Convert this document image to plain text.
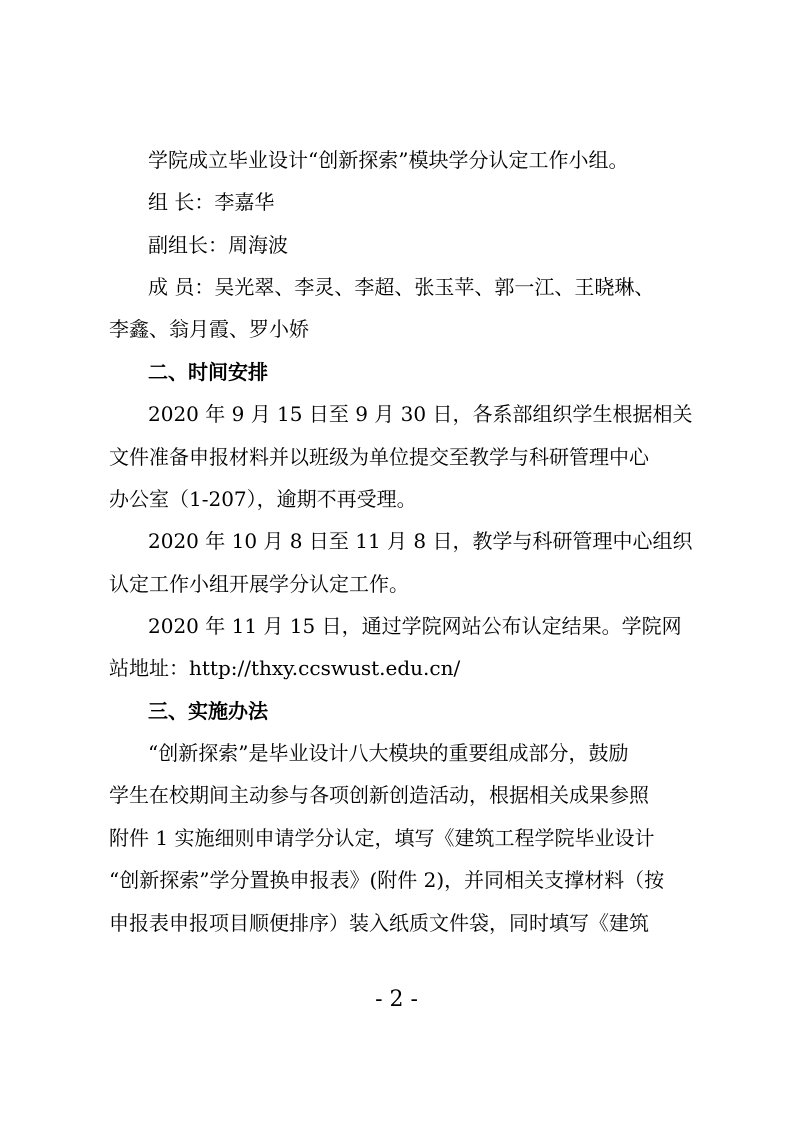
学院成立毕业设计“创新探索”模块学分认定工作小组。
组 长：李嘉华
副组长：周海波
成 员：吴光翠、李灵、李超、张玉苹、郭一江、王晓琳、
李鑫、翁月霞、罗小娇
二、时间安排
2020 年 9 月 15 日至 9 月 30 日，各系部组织学生根据相关
文件准备申报材料并以班级为单位提交至教学与科研管理中心
办公室（1-207），逾期不再受理。
2020 年 10 月 8 日至 11 月 8 日，教学与科研管理中心组织
认定工作小组开展学分认定工作。
2020 年 11 月 15 日，通过学院网站公布认定结果。学院网
站地址：http://thxy.ccswust.edu.cn/
三、实施办法
“创新探索”是毕业设计八大模块的重要组成部分，鼓励
学生在校期间主动参与各项创新创造活动，根据相关成果参照
附件 1 实施细则申请学分认定，填写《建筑工程学院毕业设计
“创新探索”学分置换申报表》(附件 2)，并同相关支撑材料（按
申报表申报项目顺便排序）装入纸质文件袋，同时填写《建筑
- 2 -
